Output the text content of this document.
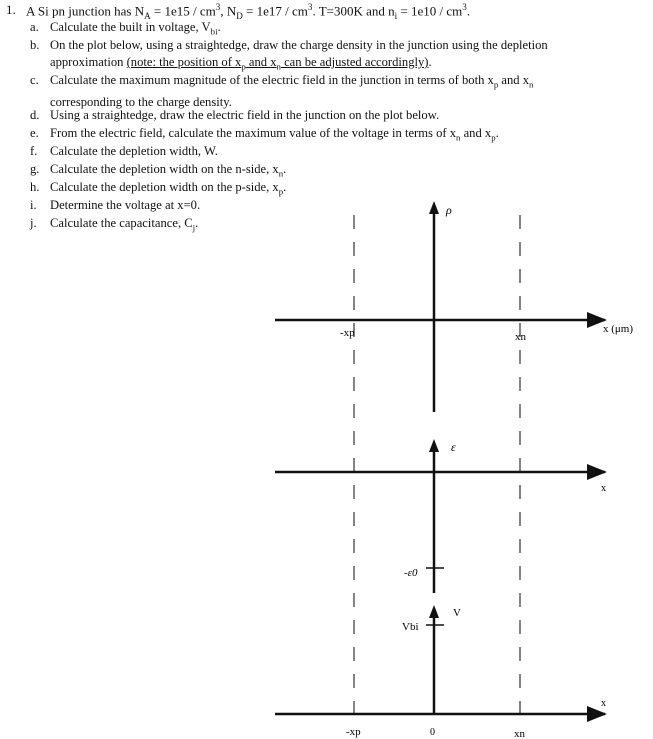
1. A Si pn junction has $N_A = 1e15 / cm^3$, $N_D = 1e17 / cm^3$. T=300K and $n_i = 1e10 / cm^3$.
a. Calculate the built in voltage, $V_{bi}$.
b. On the plot below, using a straightedge, draw the charge density in the junction using the depletion
approximation (note: the position of $x_p$ and $x_n$ can be adjusted accordingly).
c. Calculate the maximum magnitude of the electric field in the junction in terms of both $x_p$ and $x_n$
corresponding to the charge density.
d. Using a straightedge, draw the electric field in the junction on the plot below.
e. From the electric field, calculate the maximum value of the voltage in terms of $x_n$ and $x_p$.
f. Calculate the depletion width, W.
g. Calculate the depletion width on the n-side, $x_n$.
h. Calculate the depletion width on the p-side, $x_p$.
i. Determine the voltage at x=0.
j. Calculate the capacitance, $C_j$.
ρ
x (μm)
-xp	xn
ε
x
-ε0
V
Vbi
x
-xp	0	xn
